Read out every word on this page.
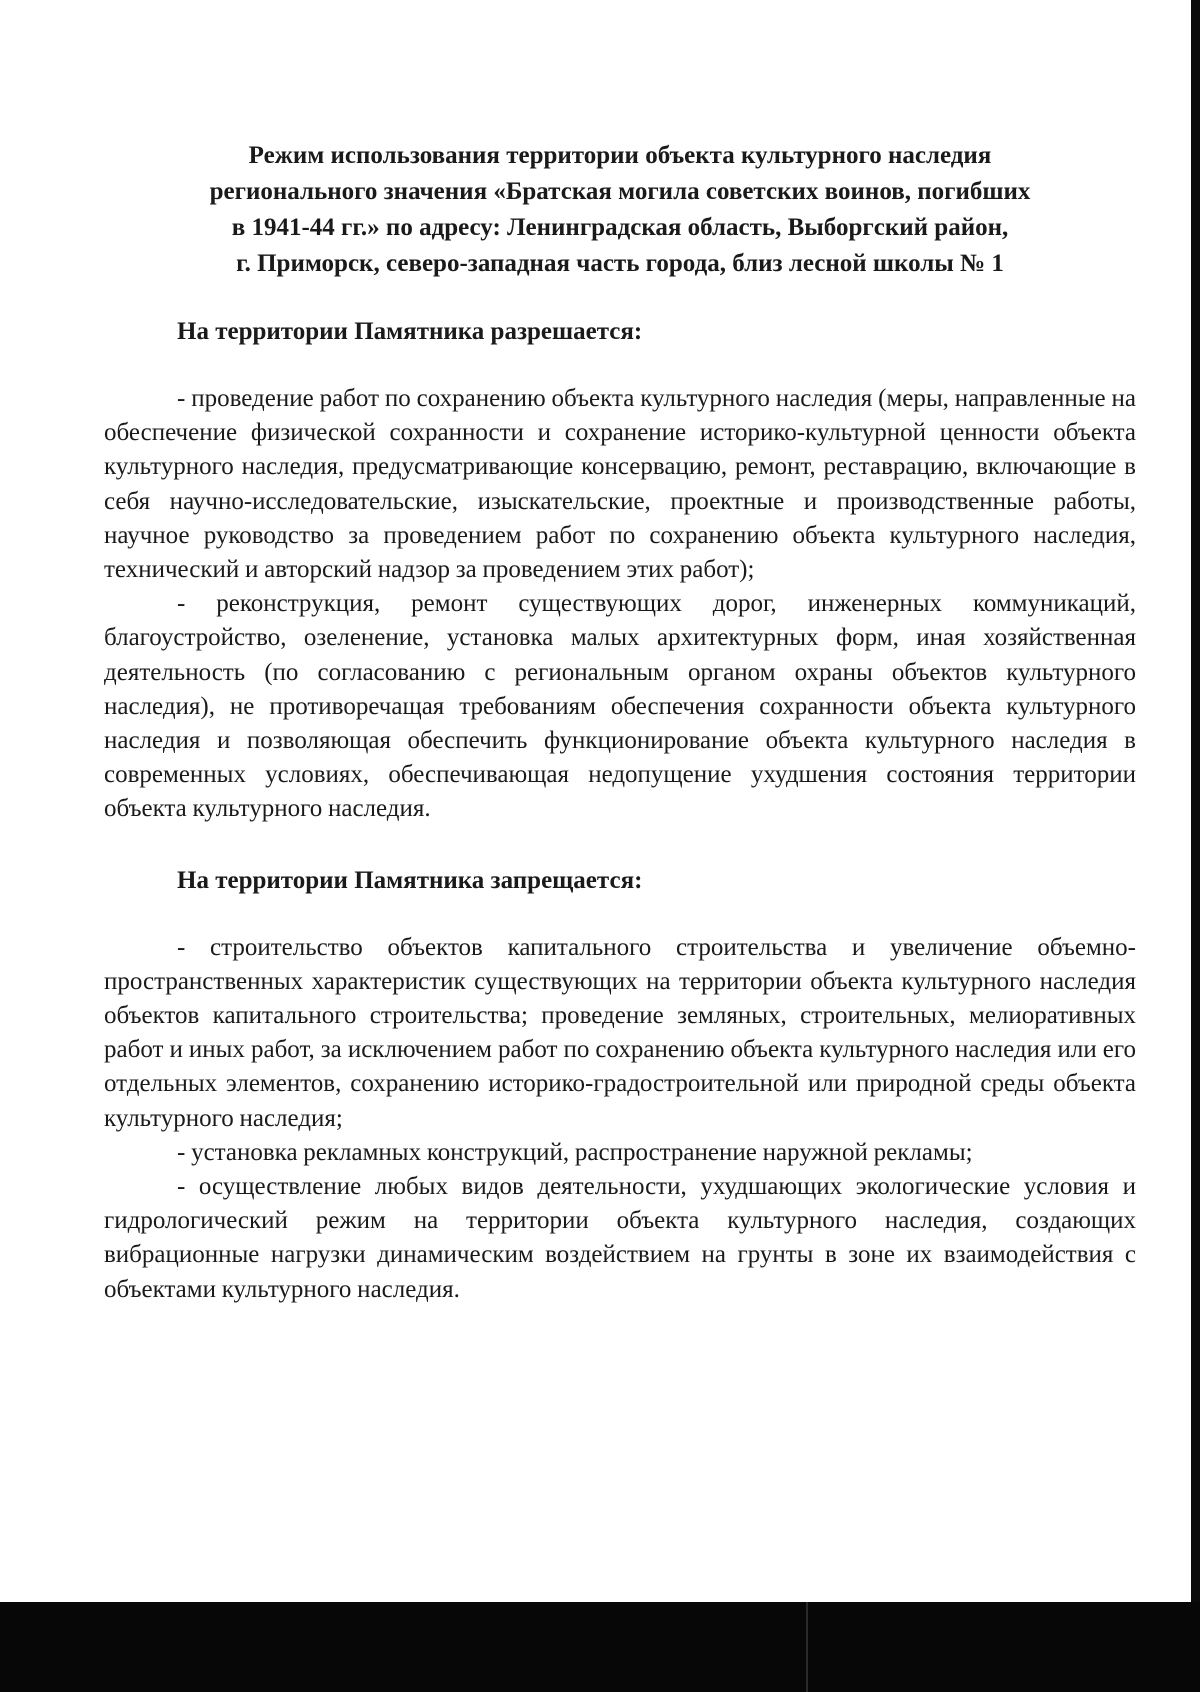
Режим использования территории объекта культурного наследия
регионального значения «Братская могила советских воинов, погибших
в 1941-44 гг.» по адресу: Ленинградская область, Выборгский район,
г. Приморск, северо-западная часть города, близ лесной школы № 1
На территории Памятника разрешается:

- проведение работ по сохранению объекта культурного наследия (меры, направленные на обеспечение физической сохранности и сохранение историко-культурной ценности объекта культурного наследия, предусматривающие консервацию, ремонт, реставрацию, включающие в себя научно-исследовательские, изыскательские, проектные и производственные работы, научное руководство за проведением работ по сохранению объекта культурного наследия, технический и авторский надзор за проведением этих работ);

- реконструкция, ремонт существующих дорог, инженерных коммуникаций, благоустройство, озеленение, установка малых архитектурных форм, иная хозяйственная деятельность (по согласованию с региональным органом охраны объектов культурного наследия), не противоречащая требованиям обеспечения сохранности объекта культурного наследия и позволяющая обеспечить функционирование объекта культурного наследия в современных условиях, обеспечивающая недопущение ухудшения состояния территории объекта культурного наследия.

На территории Памятника запрещается:

- строительство объектов капитального строительства и увеличение объемно-пространственных характеристик существующих на территории объекта культурного наследия объектов капитального строительства; проведение земляных, строительных, мелиоративных работ и иных работ, за исключением работ по сохранению объекта культурного наследия или его отдельных элементов, сохранению историко-градостроительной или природной среды объекта культурного наследия;

- установка рекламных конструкций, распространение наружной рекламы;

- осуществление любых видов деятельности, ухудшающих экологические условия и гидрологический режим на территории объекта культурного наследия, создающих вибрационные нагрузки динамическим воздействием на грунты в зоне их взаимодействия с объектами культурного наследия.
